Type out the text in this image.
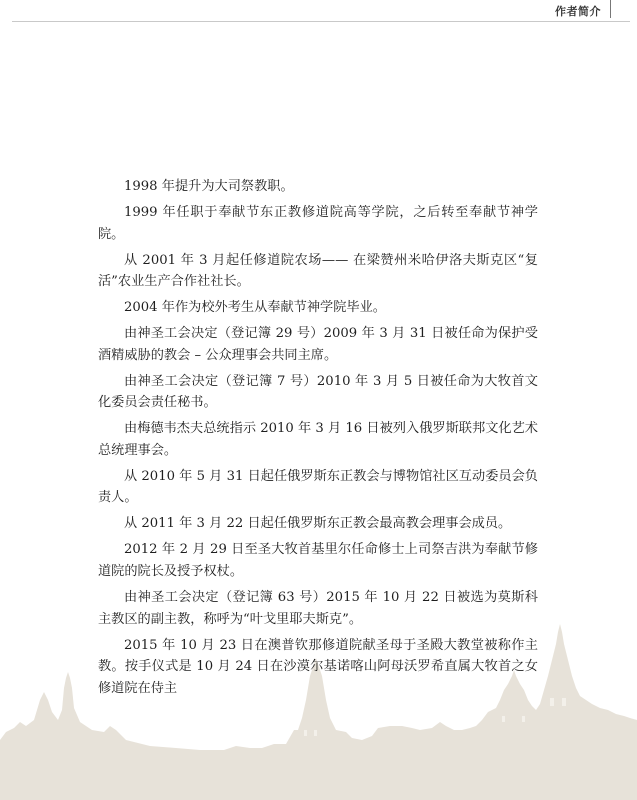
作者简介

1998 年提升为大司祭教职。

1999 年任职于奉献节东正教修道院高等学院，之后转至奉献节神学院。

从 2001 年 3 月起任修道院农场—— 在梁赞州米哈伊洛夫斯克区“复活”农业生产合作社社长。

2004 年作为校外考生从奉献节神学院毕业。

由神圣工会决定（登记簿 29 号）2009 年 3 月 31 日被任命为保护受酒精威胁的教会 – 公众理事会共同主席。

由神圣工会决定（登记簿 7 号）2010 年 3 月 5 日被任命为大牧首文化委员会责任秘书。

由梅德韦杰夫总统指示 2010 年 3 月 16 日被列入俄罗斯联邦文化艺术总统理事会。

从 2010 年 5 月 31 日起任俄罗斯东正教会与博物馆社区互动委员会负责人。

从 2011 年 3 月 22 日起任俄罗斯东正教会最高教会理事会成员。

2012 年 2 月 29 日至圣大牧首基里尔任命修士上司祭吉洪为奉献节修道院的院长及授予权杖。

由神圣工会决定（登记簿 63 号）2015 年 10 月 22 日被选为莫斯科主教区的副主教，称呼为“叶戈里耶夫斯克”。

2015 年 10 月 23 日在澳普钦那修道院献圣母于圣殿大教堂被称作主教。按手仪式是 10 月 24 日在沙漠尔基诺喀山阿母沃罗希直属大牧首之女修道院在侍主
